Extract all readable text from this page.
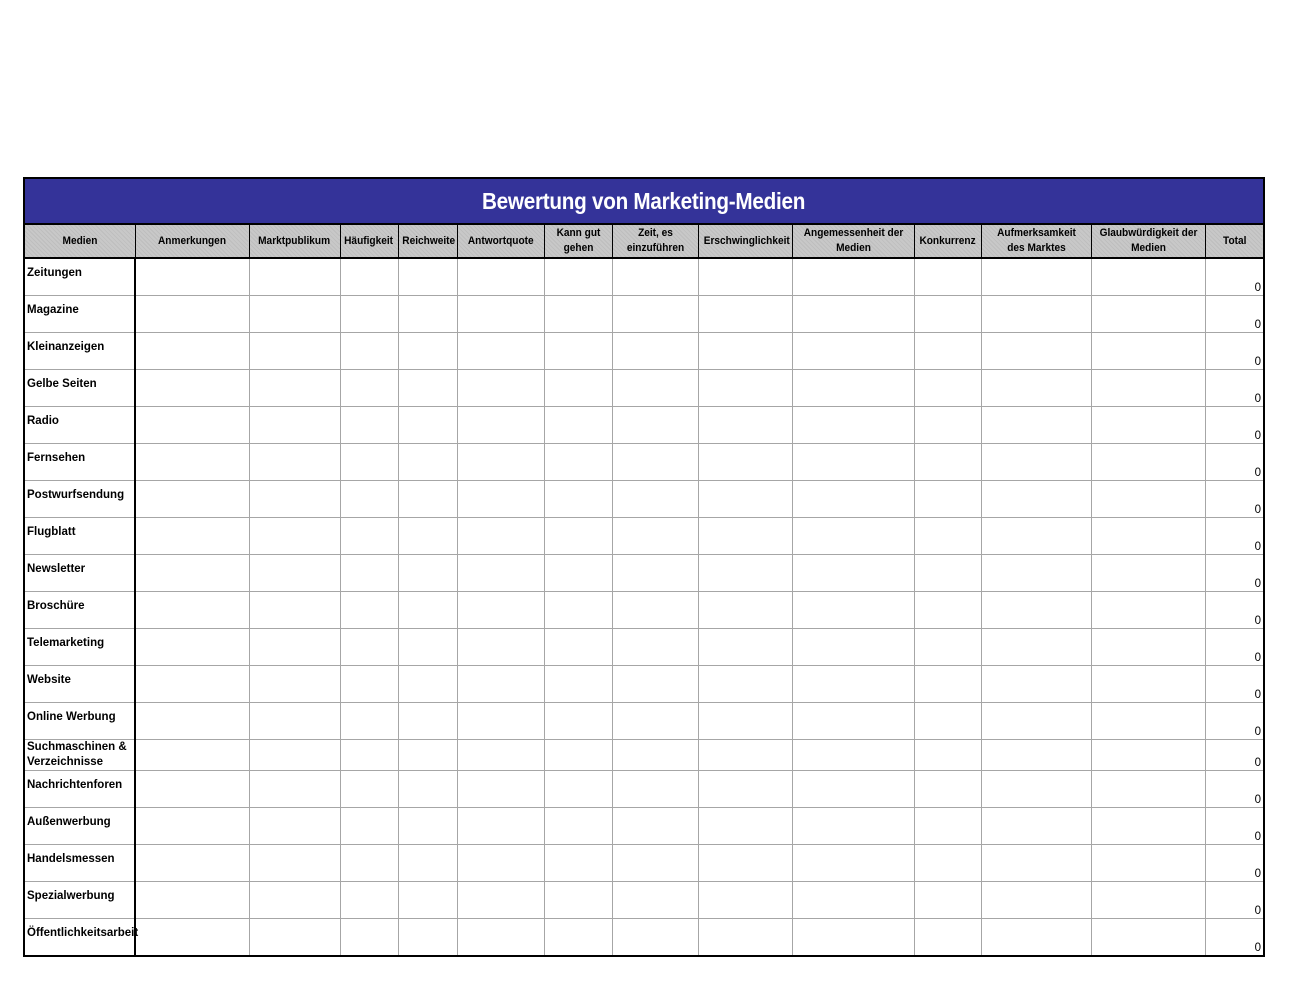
Bewertung von Marketing-Medien
Medien	Anmerkungen	Marktpublikum	Häufigkeit	Reichweite	Antwortquote	Kann gut gehen	Zeit, es einzuführen	Erschwinglichkeit	Angemessenheit der Medien	Konkurrenz	Aufmerksamkeit des Marktes	Glaubwürdigkeit der Medien	Total
Zeitungen													0
Magazine													0
Kleinanzeigen													0
Gelbe Seiten													0
Radio													0
Fernsehen													0
Postwurfsendung													0
Flugblatt													0
Newsletter													0
Broschüre													0
Telemarketing													0
Website													0
Online Werbung													0
Suchmaschinen & Verzeichnisse													0
Nachrichtenforen													0
Außenwerbung													0
Handelsmessen													0
Spezialwerbung													0
Öffentlichkeitsarbeit													0
